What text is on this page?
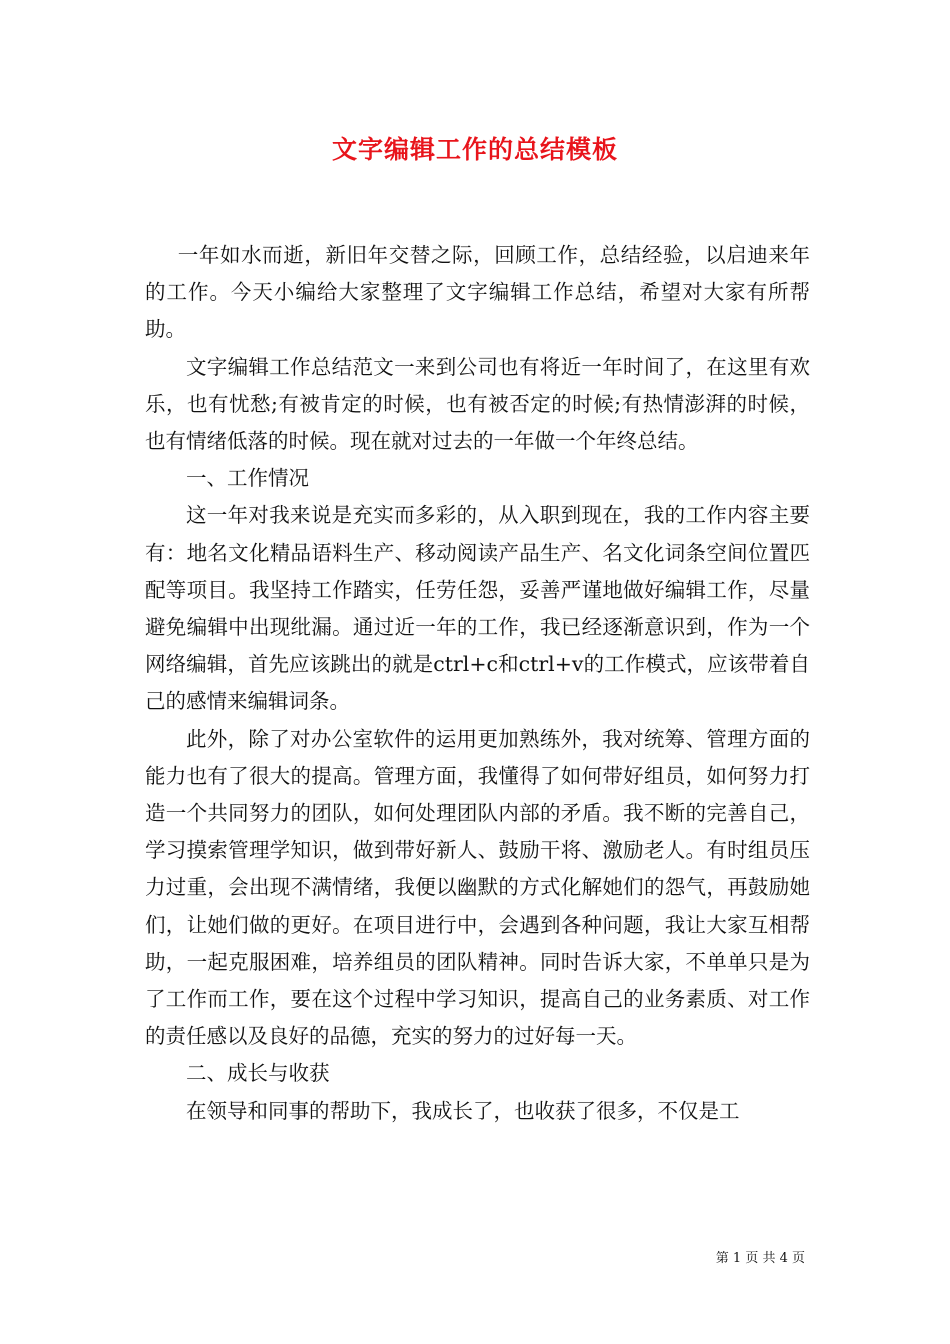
文字编辑工作的总结模板

一年如水而逝，新旧年交替之际，回顾工作，总结经验，以启迪来年的工作。今天小编给大家整理了文字编辑工作总结，希望对大家有所帮助。

文字编辑工作总结范文一来到公司也有将近一年时间了，在这里有欢乐，也有忧愁;有被肯定的时候，也有被否定的时候;有热情澎湃的时候，也有情绪低落的时候。现在就对过去的一年做一个年终总结。

一、工作情况

这一年对我来说是充实而多彩的，从入职到现在，我的工作内容主要有：地名文化精品语料生产、移动阅读产品生产、名文化词条空间位置匹配等项目。我坚持工作踏实，任劳任怨，妥善严谨地做好编辑工作，尽量避免编辑中出现纰漏。通过近一年的工作，我已经逐渐意识到，作为一个网络编辑，首先应该跳出的就是ctrl+c和ctrl+v的工作模式，应该带着自己的感情来编辑词条。

此外，除了对办公室软件的运用更加熟练外，我对统筹、管理方面的能力也有了很大的提高。管理方面，我懂得了如何带好组员，如何努力打造一个共同努力的团队，如何处理团队内部的矛盾。我不断的完善自己，学习摸索管理学知识，做到带好新人、鼓励干将、激励老人。有时组员压力过重，会出现不满情绪，我便以幽默的方式化解她们的怨气，再鼓励她们，让她们做的更好。在项目进行中，会遇到各种问题，我让大家互相帮助，一起克服困难，培养组员的团队精神。同时告诉大家，不单单只是为了工作而工作，要在这个过程中学习知识，提高自己的业务素质、对工作的责任感以及良好的品德，充实的努力的过好每一天。

二、成长与收获

在领导和同事的帮助下，我成长了，也收获了很多，不仅是工

第 1 页 共 4 页
